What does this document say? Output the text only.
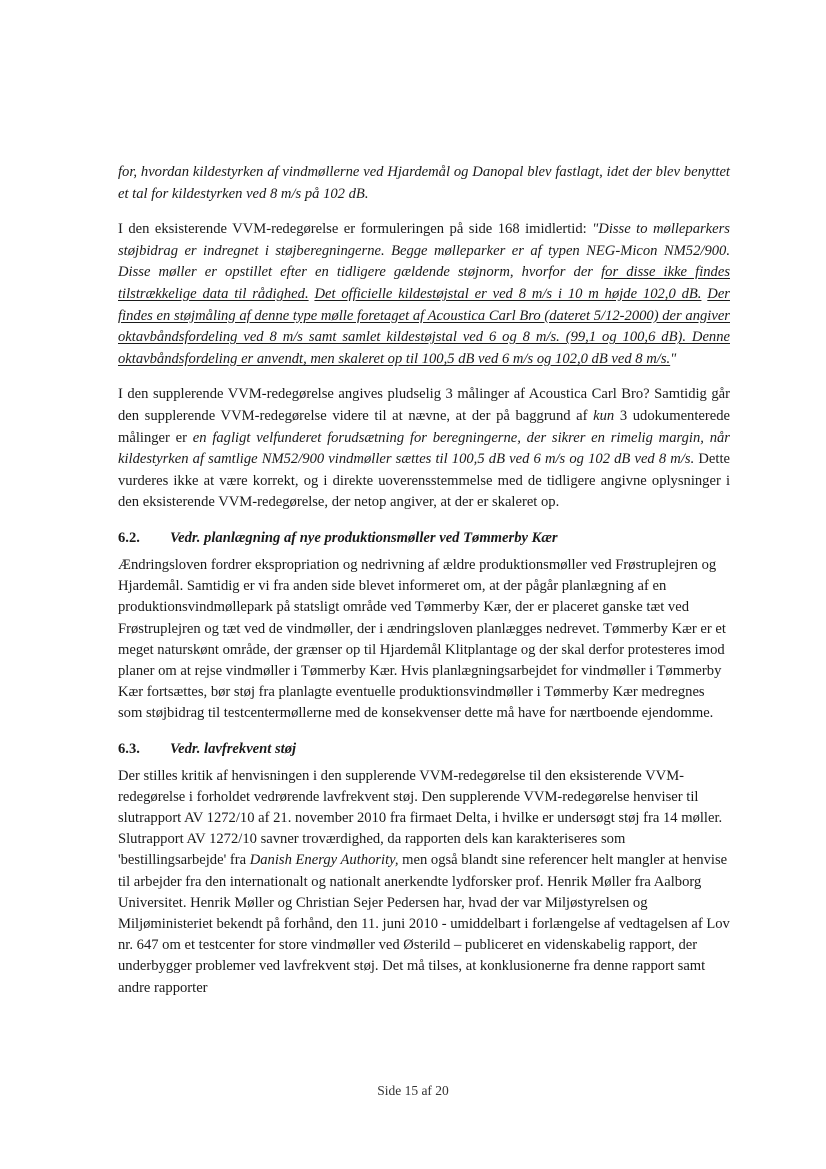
for, hvordan kildestyrken af vindmøllerne ved Hjardemål og Danopal blev fastlagt, idet der blev benyttet et tal for kildestyrken ved 8 m/s på 102 dB.

I den eksisterende VVM-redegørelse er formuleringen på side 168 imidlertid: "Disse to mølleparkers støjbidrag er indregnet i støjberegningerne. Begge mølleparker er af typen NEG-Micon NM52/900. Disse møller er opstillet efter en tidligere gældende støjnorm, hvorfor der for disse ikke findes tilstrækkelige data til rådighed. Det officielle kildestøjstal er ved 8 m/s i 10 m højde 102,0 dB. Der findes en støjmåling af denne type mølle foretaget af Acoustica Carl Bro (dateret 5/12-2000) der angiver oktavbåndsfordeling ved 8 m/s samt samlet kildestøjstal ved 6 og 8 m/s. (99,1 og 100,6 dB). Denne oktavbåndsfordeling er anvendt, men skaleret op til 100,5 dB ved 6 m/s og 102,0 dB ved 8 m/s."

I den supplerende VVM-redegørelse angives pludselig 3 målinger af Acoustica Carl Bro? Samtidig går den supplerende VVM-redegørelse videre til at nævne, at der på baggrund af kun 3 udokumenterede målinger er en fagligt velfunderet forudsætning for beregningerne, der sikrer en rimelig margin, når kildestyrken af samtlige NM52/900 vindmøller sættes til 100,5 dB ved 6 m/s og 102 dB ved 8 m/s. Dette vurderes ikke at være korrekt, og i direkte uoverensstemmelse med de tidligere angivne oplysninger i den eksisterende VVM-redegørelse, der netop angiver, at der er skaleret op.

6.2.	Vedr. planlægning af nye produktionsmøller ved Tømmerby Kær

Ændringsloven fordrer ekspropriation og nedrivning af ældre produktionsmøller ved Frøstruplejren og Hjardemål. Samtidig er vi fra anden side blevet informeret om, at der pågår planlægning af en produktionsvindmøllepark på statsligt område ved Tømmerby Kær, der er placeret ganske tæt ved Frøstruplejren og tæt ved de vindmøller, der i ændringsloven planlægges nedrevet. Tømmerby Kær er et meget naturskønt område, der grænser op til Hjardemål Klitplantage og der skal derfor protesteres imod planer om at rejse vindmøller i Tømmerby Kær. Hvis planlægningsarbejdet for vindmøller i Tømmerby Kær fortsættes, bør støj fra planlagte eventuelle produktionsvindmøller i Tømmerby Kær medregnes som støjbidrag til testcentermøllerne med de konsekvenser dette må have for nærtboende ejendomme.

6.3.	Vedr. lavfrekvent støj

Der stilles kritik af henvisningen i den supplerende VVM-redegørelse til den eksisterende VVM-redegørelse i forholdet vedrørende lavfrekvent støj. Den supplerende VVM-redegørelse henviser til slutrapport AV 1272/10 af 21. november 2010 fra firmaet Delta, i hvilke er undersøgt støj fra 14 møller. Slutrapport AV 1272/10 savner troværdighed, da rapporten dels kan karakteriseres som 'bestillingsarbejde' fra Danish Energy Authority, men også blandt sine referencer helt mangler at henvise til arbejder fra den internationalt og nationalt anerkendte lydforsker prof. Henrik Møller fra Aalborg Universitet. Henrik Møller og Christian Sejer Pedersen har, hvad der var Miljøstyrelsen og Miljøministeriet bekendt på forhånd, den 11. juni 2010 - umiddelbart i forlængelse af vedtagelsen af Lov nr. 647 om et testcenter for store vindmøller ved Østerild – publiceret en videnskabelig rapport, der underbygger problemer ved lavfrekvent støj. Det må tilses, at konklusionerne fra denne rapport samt andre rapporter

Side 15 af 20
